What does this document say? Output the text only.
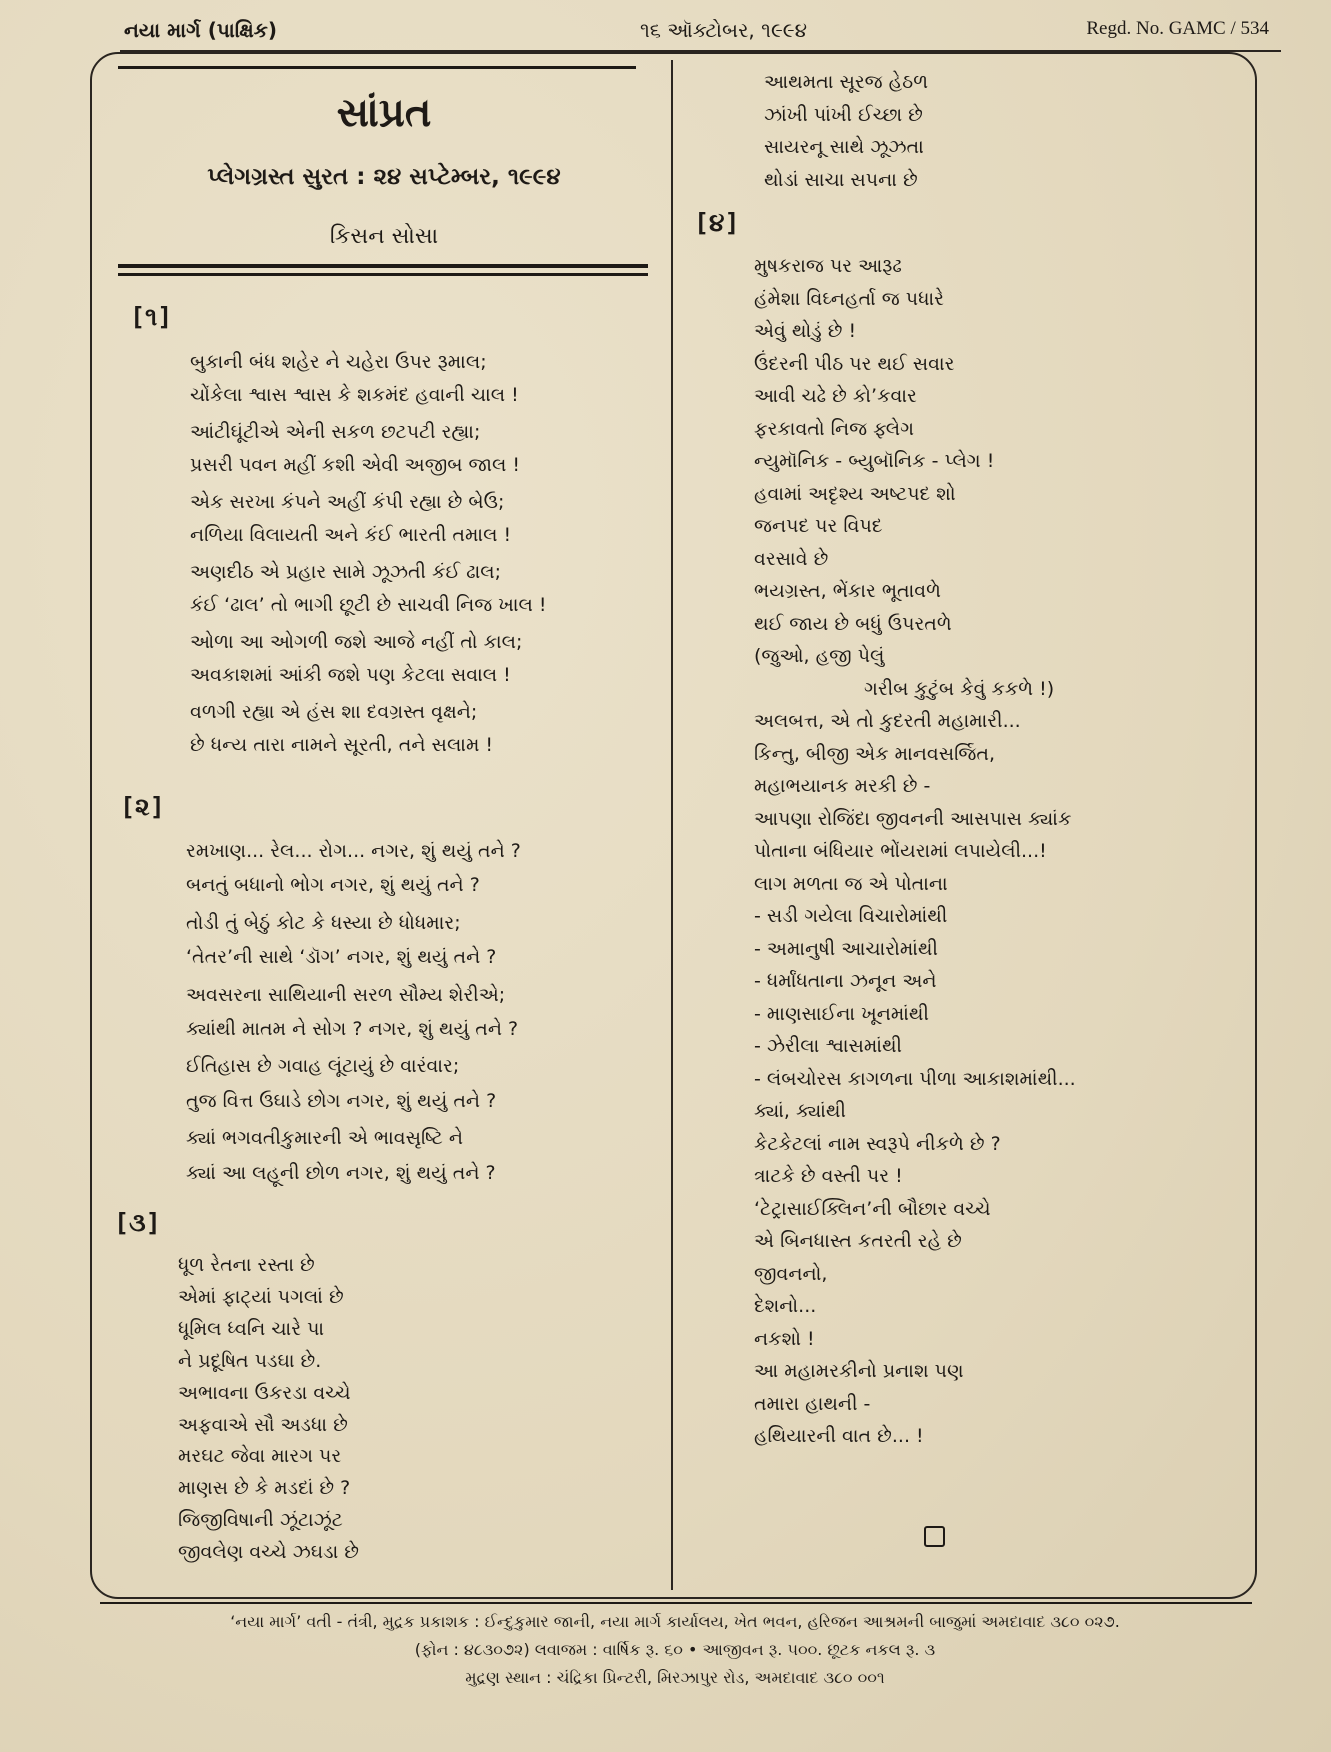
નયા માર્ગ (પાક્ષિક)	૧૬ ઑક્ટોબર, ૧૯૯૪	Regd. No. GAMC / 534
સાંપ્રત
પ્લેગગ્રસ્ત સુરત : ૨૪ સપ્ટેમ્બર, ૧૯૯૪
કિસન સોસા
[૧]
બુકાની બંધ શહેર ને ચહેરા ઉપર રૂમાલ;
ચોંકેલા શ્વાસ શ્વાસ કે શકમંદ હવાની ચાલ !
આંટીઘૂંટીએ એની સકળ છટપટી રહ્યા;
પ્રસરી પવન મહીં કશી એવી અજીબ જાલ !
એક સરખા કંપને અહીં કંપી રહ્યા છે બેઉ;
નળિયા વિલાયતી અને કંઈ ભારતી તમાલ !
અણદીઠ એ પ્રહાર સામે ઝૂઝતી કંઈ ઢાલ;
કંઈ ‘ઢાલ’ તો ભાગી છૂટી છે સાચવી નિજ ખાલ !
ઓળા આ ઓગળી જશે આજે નહીં તો કાલ;
અવકાશમાં આંકી જશે પણ કેટલા સવાલ !
વળગી રહ્યા એ હંસ શા દવગ્રસ્ત વૃક્ષને;
છે ધન્ય તારા નામને સૂરતી, તને સલામ !
[૨]
રમખાણ... રેલ... રોગ... નગર, શું થયું તને ?
બનતું બધાનો ભોગ નગર, શું થયું તને ?
તોડી તું બેઠું કોટ કે ધસ્યા છે ધોધમાર;
‘તેતર’ની સાથે ‘ડૉગ’ નગર, શું થયું તને ?
અવસરના સાથિયાની સરળ સૌમ્ય શેરીએ;
ક્યાંથી માતમ ને સોગ ? નગર, શું થયું તને ?
ઈતિહાસ છે ગવાહ લૂંટાયું છે વારંવાર;
તુજ વિત્ત ઉઘાડે છોગ નગર, શું થયું તને ?
ક્યાં ભગવતીકુમારની એ ભાવસૃષ્ટિ ને
ક્યાં આ લહૂની છોળ નગર, શું થયું તને ?
[૩]
ધૂળ રેતના રસ્તા છે
એમાં ફાટ્યાં પગલાં છે
ધૂમિલ ધ્વનિ ચારે પા
ને પ્રદૂષિત પડઘા છે.
અભાવના ઉકરડા વચ્ચે
અફવાએ સૌ અડધા છે
મરઘટ જેવા મારગ પર
માણસ છે કે મડદાં છે ?
જિજીવિષાની ઝૂંટાઝૂંટ
જીવલેણ વચ્ચે ઝઘડા છે
આથમતા સૂરજ હેઠળ
ઝાંખી પાંખી ઈચ્છા છે
સાયરનૂ સાથે ઝૂઝતા
થોડાં સાચા સપના છે
[૪]
મુષકરાજ પર આરૂઢ
હંમેશા વિઘ્નહર્તા જ પધારે
એવું થોડું છે !
ઉંદરની પીઠ પર થઈ સવાર
આવી ચઢે છે કો’કવાર
ફરકાવતો નિજ ફ્લેગ
ન્યુમૉનિક - બ્યુબૉનિક - પ્લેગ !
હવામાં અદૃશ્ય અષ્ટપદ શો
જનપદ પર વિપદ
વરસાવે છે
ભયગ્રસ્ત, ભેંકાર ભૂતાવળે
થઈ જાય છે બધું ઉપરતળે
(જુઓ, હજી પેલું
ગરીબ કુટુંબ કેવું કકળે !)
અલબત્ત, એ તો કુદરતી મહામારી...
કિન્તુ, બીજી એક માનવસર્જિત,
મહાભયાનક મરકી છે -
આપણા રોજિંદા જીવનની આસપાસ ક્યાંક
પોતાના બંધિયાર ભોંયરામાં લપાયેલી...!
લાગ મળતા જ એ પોતાના
- સડી ગયેલા વિચારોમાંથી
- અમાનુષી આચારોમાંથી
- ધર્માંધતાના ઝનૂન અને
- માણસાઈના ખૂનમાંથી
- ઝેરીલા શ્વાસમાંથી
- લંબચોરસ કાગળના પીળા આકાશમાંથી...
ક્યાં, ક્યાંથી
કેટકેટલાં નામ સ્વરૂપે નીકળે છે ?
ત્રાટકે છે વસ્તી પર !
‘ટેટ્રાસાઈક્લિન’ની બૌછાર વચ્ચે
એ બિનધાસ્ત કતરતી રહે છે
જીવનનો,
દેશનો...
નકશો !
આ મહામરકીનો પ્રનાશ પણ
તમારા હાથની -
હથિયારની વાત છે... !
‘નયા માર્ગ’ વતી - તંત્રી, મુદ્રક પ્રકાશક : ઈન્દુકુમાર જાની, નયા માર્ગ કાર્યાલય, ખેત ભવન, હરિજન આશ્રમની બાજુમાં અમદાવાદ ૩૮૦ ૦૨૭.
(ફોન : ૪૮૩૦૭૨) લવાજમ : વાર્ષિક રૂ. ૬૦ • આજીવન રૂ. ૫૦૦. છૂટક નકલ રૂ. ૩
મુદ્રણ સ્થાન : ચંદ્રિકા પ્રિન્ટરી, મિરઝાપુર રોડ, અમદાવાદ ૩૮૦ ૦૦૧
